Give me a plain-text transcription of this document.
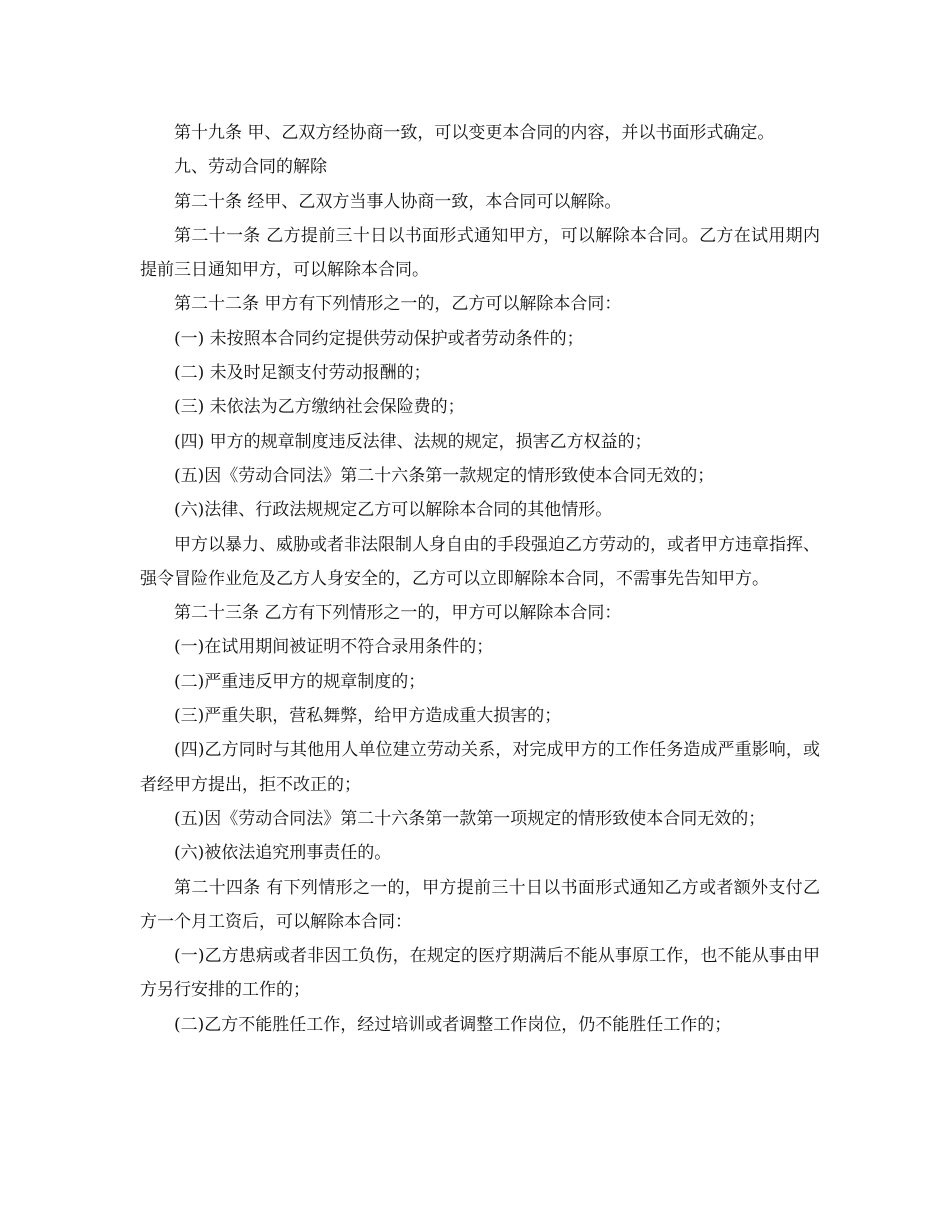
第十九条 甲、乙双方经协商一致，可以变更本合同的内容，并以书面形式确定。

九、劳动合同的解除

第二十条 经甲、乙双方当事人协商一致，本合同可以解除。

第二十一条 乙方提前三十日以书面形式通知甲方，可以解除本合同。乙方在试用期内提前三日通知甲方，可以解除本合同。

第二十二条 甲方有下列情形之一的，乙方可以解除本合同：

(一) 未按照本合同约定提供劳动保护或者劳动条件的；

(二) 未及时足额支付劳动报酬的；

(三) 未依法为乙方缴纳社会保险费的；

(四) 甲方的规章制度违反法律、法规的规定，损害乙方权益的；

(五)因《劳动合同法》第二十六条第一款规定的情形致使本合同无效的；

(六)法律、行政法规规定乙方可以解除本合同的其他情形。

甲方以暴力、威胁或者非法限制人身自由的手段强迫乙方劳动的，或者甲方违章指挥、强令冒险作业危及乙方人身安全的，乙方可以立即解除本合同，不需事先告知甲方。

第二十三条 乙方有下列情形之一的，甲方可以解除本合同：

(一)在试用期间被证明不符合录用条件的；

(二)严重违反甲方的规章制度的；

(三)严重失职，营私舞弊，给甲方造成重大损害的；

(四)乙方同时与其他用人单位建立劳动关系，对完成甲方的工作任务造成严重影响，或者经甲方提出，拒不改正的；

(五)因《劳动合同法》第二十六条第一款第一项规定的情形致使本合同无效的；

(六)被依法追究刑事责任的。

第二十四条 有下列情形之一的，甲方提前三十日以书面形式通知乙方或者额外支付乙方一个月工资后，可以解除本合同：

(一)乙方患病或者非因工负伤，在规定的医疗期满后不能从事原工作，也不能从事由甲方另行安排的工作的；

(二)乙方不能胜任工作，经过培训或者调整工作岗位，仍不能胜任工作的；
